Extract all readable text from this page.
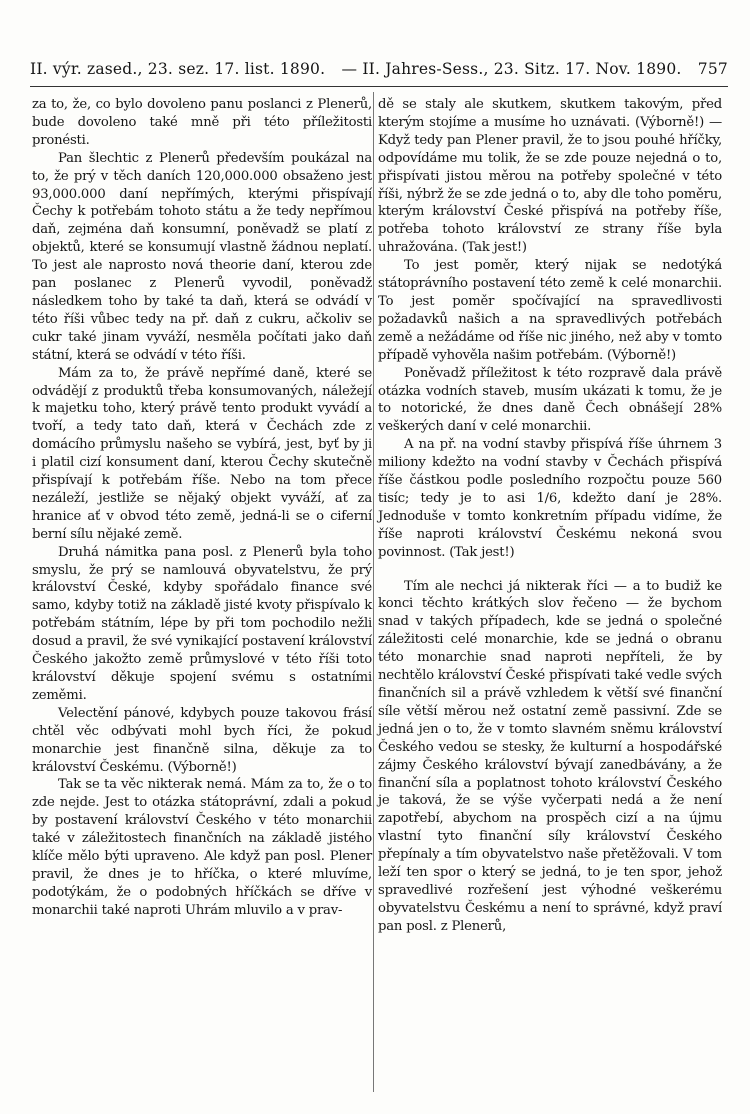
II. výr. zased., 23. sez. 17. list. 1890. — II. Jahres-Sess., 23. Sitz. 17. Nov. 1890. 757

za to, že, co bylo dovoleno panu poslanci z Plenerů, bude dovoleno také mně při této příležitosti pronésti.

Pan šlechtic z Plenerů především poukázal na to, že prý v těch daních 120,000.000 obsaženo jest 93,000.000 daní nepřímých, kterými přispívají Čechy k potřebám tohoto státu a že tedy nepřímou daň, zejména daň konsumní, poněvadž se platí z objektů, které se konsumují vlastně žádnou neplatí. To jest ale naprosto nová theorie daní, kterou zde pan poslanec z Plenerů vyvodil, poněvadž následkem toho by také ta daň, která se odvádí v této říši vůbec tedy na př. daň z cukru, ačkoliv se cukr také jinam vyváží, nesměla počítati jako daň státní, která se odvádí v této říši.

Mám za to, že právě nepřímé daně, které se odvádějí z produktů třeba konsumovaných, náležejí k majetku toho, který právě tento produkt vyvádí a tvoří, a tedy tato daň, která v Čechách zde z domácího průmyslu našeho se vybírá, jest, byť by ji i platil cizí konsument daní, kterou Čechy skutečně přispívají k potřebám říše. Nebo na tom přece nezáleží, jestliže se nějaký objekt vyváží, ať za hranice ať v obvod této země, jedná-li se o ciferní berní sílu nějaké země.

Druhá námitka pana posl. z Plenerů byla toho smyslu, že prý se namlouvá obyvatelstvu, že prý království České, kdyby spořádalo finance své samo, kdyby totiž na základě jisté kvoty přispívalo k potřebám státním, lépe by při tom pochodilo nežli dosud a pravil, že své vynikající postavení království Českého jakožto země průmyslové v této říši toto království děkuje spojení svému s ostatními zeměmi.

Velectění pánové, kdybych pouze takovou frásí chtěl věc odbývati mohl bych říci, že pokud monarchie jest finančně silna, děkuje za to království Českému. (Výborně!)

Tak se ta věc nikterak nemá. Mám za to, že o to zde nejde. Jest to otázka státoprávní, zdali a pokud by postavení království Českého v této monarchii také v záležitostech finančních na základě jistého klíče mělo býti upraveno. Ale když pan posl. Plener pravil, že dnes je to hříčka, o které mluvíme, podotýkám, že o podobných hříčkách se dříve v monarchii také naproti Uhrám mluvilo a v prav-

dě se staly ale skutkem, skutkem takovým, před kterým stojíme a musíme ho uznávati. (Výborně!) — Když tedy pan Plener pravil, že to jsou pouhé hříčky, odpovídáme mu tolik, že se zde pouze nejedná o to, přispívati jistou měrou na potřeby společné v této říši, nýbrž že se zde jedná o to, aby dle toho poměru, kterým království České přispívá na potřeby říše, potřeba tohoto království ze strany říše byla uhražována. (Tak jest!)

To jest poměr, který nijak se nedotýká státoprávního postavení této země k celé monarchii. To jest poměr spočívající na spravedlivosti požadavků našich a na spravedlivých potřebách země a nežádáme od říše nic jiného, než aby v tomto případě vyhověla našim potřebám. (Výborně!)

Poněvadž příležitost k této rozpravě dala právě otázka vodních staveb, musím ukázati k tomu, že je to notorické, že dnes daně Čech obnášejí 28% veškerých daní v celé monarchii.

A na př. na vodní stavby přispívá říše úhrnem 3 miliony kdežto na vodní stavby v Čechách přispívá říše částkou podle posledního rozpočtu pouze 560 tisíc; tedy je to asi 1/6, kdežto daní je 28%. Jednoduše v tomto konkretním případu vidíme, že říše naproti království Českému nekoná svou povinnost. (Tak jest!)

Tím ale nechci já nikterak říci — a to budiž ke konci těchto krátkých slov řečeno — že bychom snad v takých případech, kde se jedná o společné záležitosti celé monarchie, kde se jedná o obranu této monarchie snad naproti nepříteli, že by nechtělo království České přispívati také vedle svých finančních sil a právě vzhledem k větší své finanční síle větší měrou než ostatní země passivní. Zde se jedná jen o to, že v tomto slavném sněmu království Českého vedou se stesky, že kulturní a hospodářské zájmy Českého království bývají zanedbávány, a že finanční síla a poplatnost tohoto království Českého je taková, že se výše vyčerpati nedá a že není zapotřebí, abychom na prospěch cizí a na újmu vlastní tyto finanční síly království Českého přepínaly a tím obyvatelstvo naše přetěžovali. V tom leží ten spor o který se jedná, to je ten spor, jehož spravedlivé rozřešení jest výhodné veškerému obyvatelstvu Českému a není to správné, když praví pan posl. z Plenerů,
